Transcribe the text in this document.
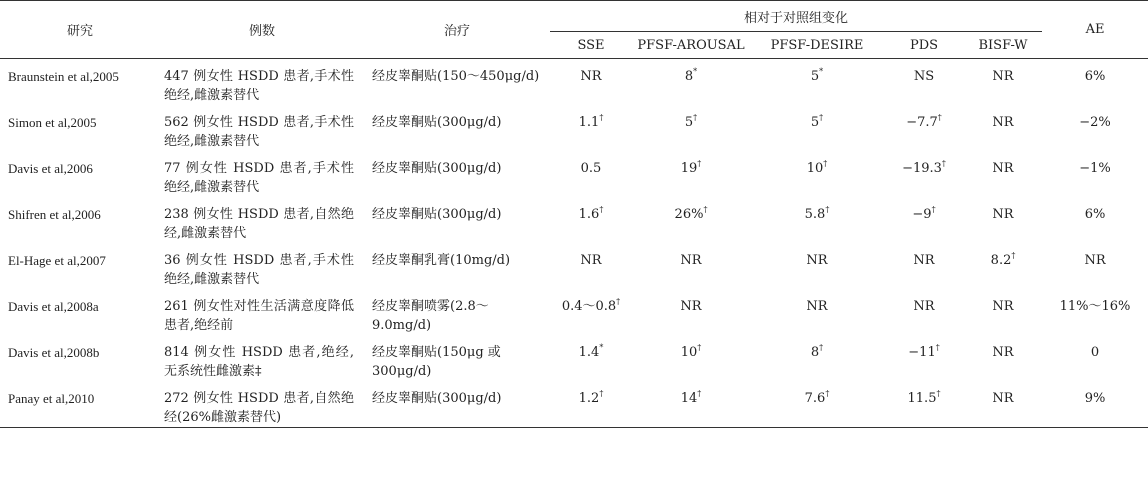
研究	例数	治疗	相对于对照组变化					AE
			SSE	PFSF-AROUSAL	PFSF-DESIRE	PDS	BISF-W	
Braunstein et al,2005	447 例女性 HSDD 患者,手术性绝经,雌激素替代	经皮睾酮贴(150～450μg/d)	NR	8*	5*	NS	NR	6%
Simon et al,2005	562 例女性 HSDD 患者,手术性绝经,雌激素替代	经皮睾酮贴(300μg/d)	1.1†	5†	5†	−7.7†	NR	−2%
Davis et al,2006	77 例女性 HSDD 患者,手术性绝经,雌激素替代	经皮睾酮贴(300μg/d)	0.5	19†	10†	−19.3†	NR	−1%
Shifren et al,2006	238 例女性 HSDD 患者,自然绝经,雌激素替代	经皮睾酮贴(300μg/d)	1.6†	26%†	5.8†	−9†	NR	6%
El-Hage et al,2007	36 例女性 HSDD 患者,手术性绝经,雌激素替代	经皮睾酮乳膏(10mg/d)	NR	NR	NR	NR	8.2†	NR
Davis et al,2008a	261 例女性对性生活满意度降低患者,绝经前	经皮睾酮喷雾(2.8～9.0mg/d)	0.4～0.8†	NR	NR	NR	NR	11%～16%
Davis et al,2008b	814 例女性 HSDD 患者,绝经,无系统性雌激素‡	经皮睾酮贴(150μg 或300μg/d)	1.4*	10†	8†	−11†	NR	0
Panay et al,2010	272 例女性 HSDD 患者,自然绝经(26%雌激素替代)	经皮睾酮贴(300μg/d)	1.2†	14†	7.6†	11.5†	NR	9%
